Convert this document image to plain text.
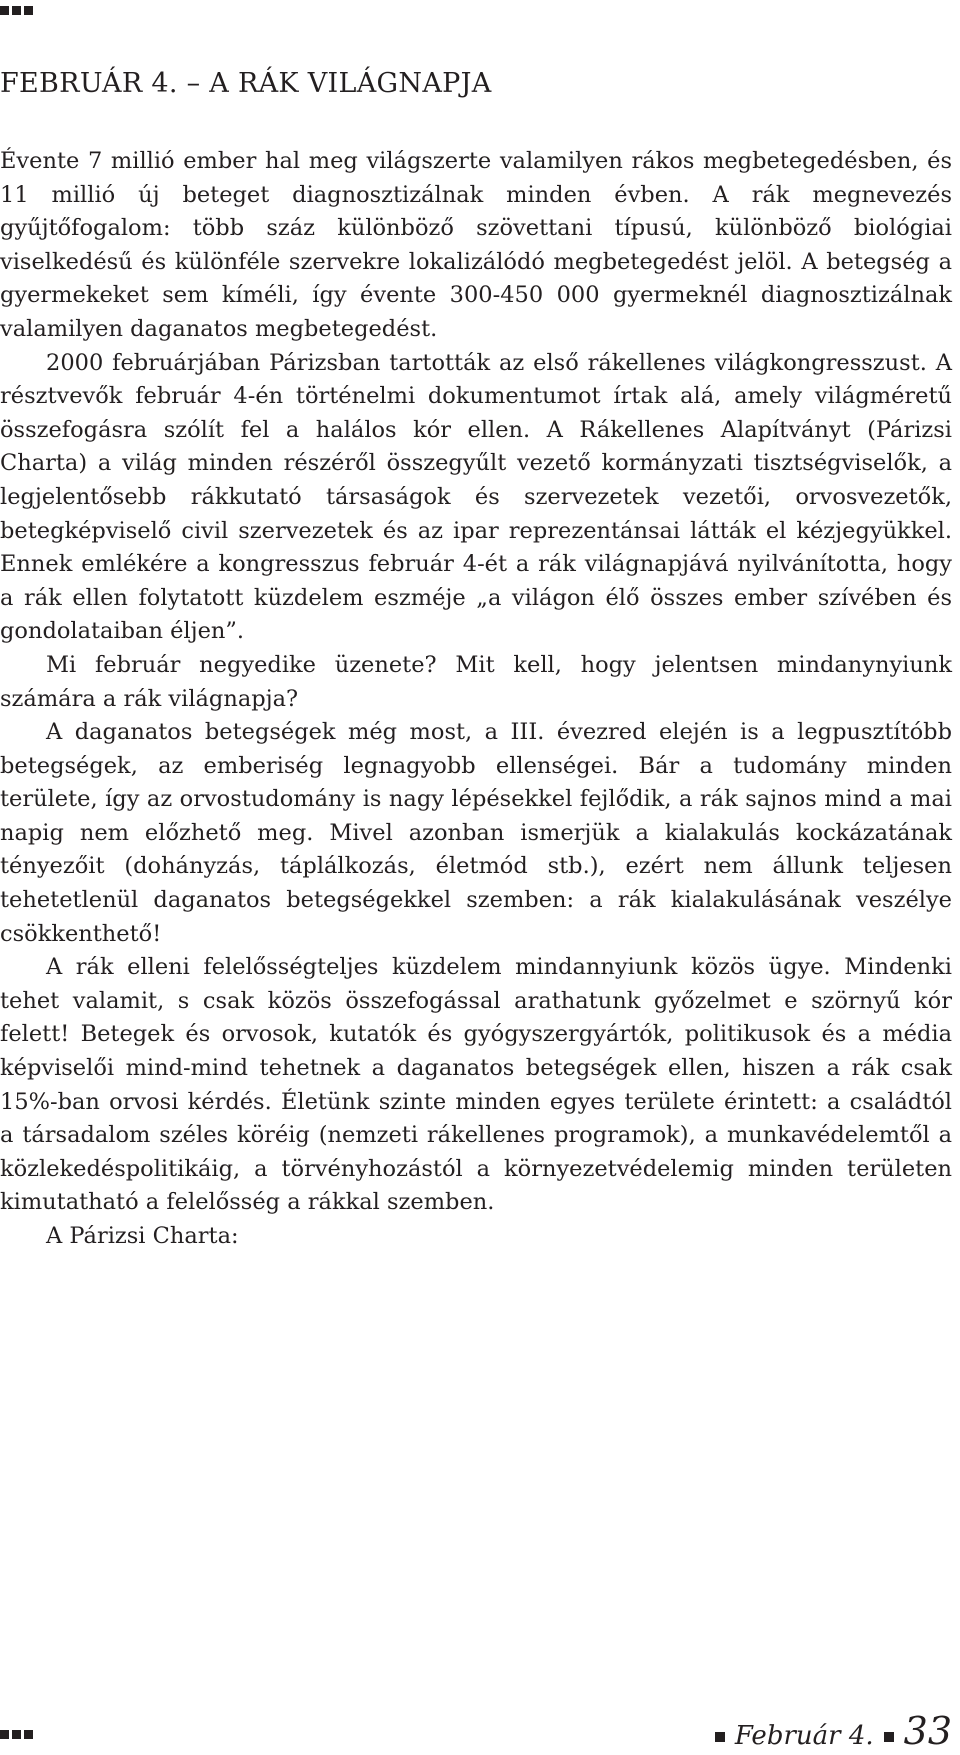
FEBRUÁR 4. – A RÁK VILÁGNAPJA

Évente 7 millió ember hal meg világszerte valamilyen rákos megbetegedésben, és 11 millió új beteget diagnosztizálnak minden évben. A rák megnevezés gyűjtőfogalom: több száz különböző szövettani típusú, különböző biológiai viselkedésű és különféle szervekre lokalizálódó megbetegedést jelöl. A betegség a gyermekeket sem kíméli, így évente 300-450 000 gyermeknél diagnosztizálnak valamilyen daganatos megbetegedést.

2000 februárjában Párizsban tartották az első rákellenes világkongresszust. A résztvevők február 4-én történelmi dokumentumot írtak alá, amely világméretű összefogásra szólít fel a halálos kór ellen. A Rákellenes Alapítványt (Párizsi Charta) a világ minden részéről összegyűlt vezető kormányzati tisztségviselők, a legjelentősebb rákkutató társaságok és szervezetek vezetői, orvosvezetők, betegképviselő civil szervezetek és az ipar reprezentánsai látták el kézjegyükkel. Ennek emlékére a kongresszus február 4-ét a rák világnapjává nyilvánította, hogy a rák ellen folytatott küzdelem eszméje „a világon élő összes ember szívében és gondolataiban éljen”.

Mi február negyedike üzenete? Mit kell, hogy jelentsen mindanynyiunk számára a rák világnapja?

A daganatos betegségek még most, a III. évezred elején is a legpusztítóbb betegségek, az emberiség legnagyobb ellenségei. Bár a tudomány minden területe, így az orvostudomány is nagy lépésekkel fejlődik, a rák sajnos mind a mai napig nem előzhető meg. Mivel azonban ismerjük a kialakulás kockázatának tényezőit (dohányzás, táplálkozás, életmód stb.), ezért nem állunk teljesen tehetetlenül daganatos betegségekkel szemben: a rák kialakulásának veszélye csökkenthető!

A rák elleni felelősségteljes küzdelem mindannyiunk közös ügye. Mindenki tehet valamit, s csak közös összefogással arathatunk győzelmet e szörnyű kór felett! Betegek és orvosok, kutatók és gyógyszergyártók, politikusok és a média képviselői mind-mind tehetnek a daganatos betegségek ellen, hiszen a rák csak 15%-ban orvosi kérdés. Életünk szinte minden egyes területe érintett: a családtól a társadalom széles köréig (nemzeti rákellenes programok), a munkavédelemtől a közlekedéspolitikáig, a törvényhozástól a környezetvédelemig minden területen kimutatható a felelősség a rákkal szemben.

A Párizsi Charta:

Február 4. 33
